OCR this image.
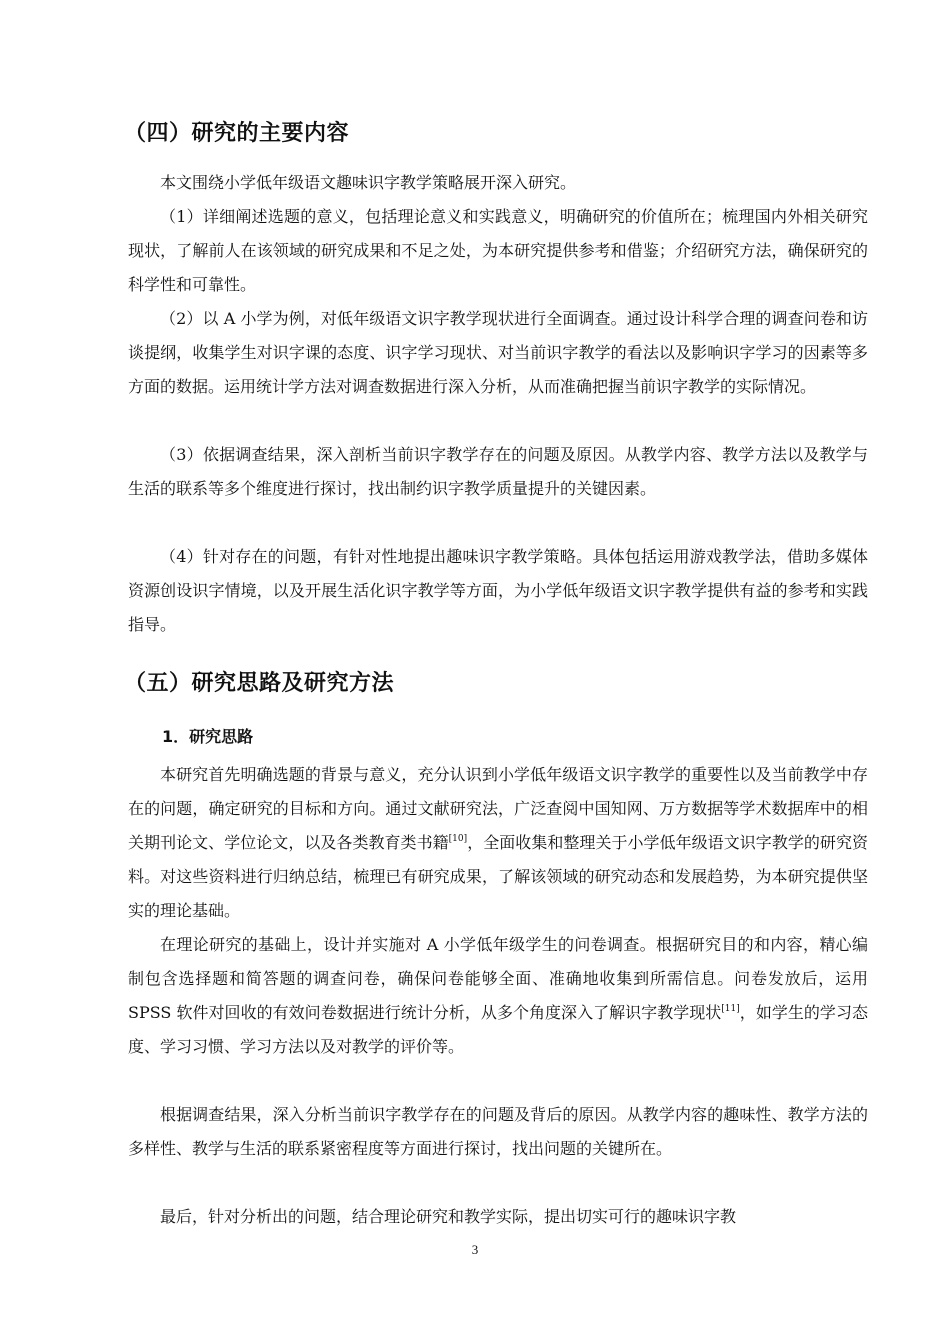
（四）研究的主要内容

本文围绕小学低年级语文趣味识字教学策略展开深入研究。

（1）详细阐述选题的意义，包括理论意义和实践意义，明确研究的价值所在；梳理国内外相关研究现状，了解前人在该领域的研究成果和不足之处，为本研究提供参考和借鉴；介绍研究方法，确保研究的科学性和可靠性。

（2）以 A 小学为例，对低年级语文识字教学现状进行全面调查。通过设计科学合理的调查问卷和访谈提纲，收集学生对识字课的态度、识字学习现状、对当前识字教学的看法以及影响识字学习的因素等多方面的数据。运用统计学方法对调查数据进行深入分析，从而准确把握当前识字教学的实际情况。

（3）依据调查结果，深入剖析当前识字教学存在的问题及原因。从教学内容、教学方法以及教学与生活的联系等多个维度进行探讨，找出制约识字教学质量提升的关键因素。

（4）针对存在的问题，有针对性地提出趣味识字教学策略。具体包括运用游戏教学法，借助多媒体资源创设识字情境，以及开展生活化识字教学等方面，为小学低年级语文识字教学提供有益的参考和实践指导。

（五）研究思路及研究方法
1．研究思路

本研究首先明确选题的背景与意义，充分认识到小学低年级语文识字教学的重要性以及当前教学中存在的问题，确定研究的目标和方向。通过文献研究法，广泛查阅中国知网、万方数据等学术数据库中的相关期刊论文、学位论文，以及各类教育类书籍[10]，全面收集和整理关于小学低年级语文识字教学的研究资料。对这些资料进行归纳总结，梳理已有研究成果，了解该领域的研究动态和发展趋势，为本研究提供坚实的理论基础。

在理论研究的基础上，设计并实施对 A 小学低年级学生的问卷调查。根据研究目的和内容，精心编制包含选择题和简答题的调查问卷，确保问卷能够全面、准确地收集到所需信息。问卷发放后，运用 SPSS 软件对回收的有效问卷数据进行统计分析，从多个角度深入了解识字教学现状[11]，如学生的学习态度、学习习惯、学习方法以及对教学的评价等。

根据调查结果，深入分析当前识字教学存在的问题及背后的原因。从教学内容的趣味性、教学方法的多样性、教学与生活的联系紧密程度等方面进行探讨，找出问题的关键所在。

最后，针对分析出的问题，结合理论研究和教学实际，提出切实可行的趣味识字教

3
